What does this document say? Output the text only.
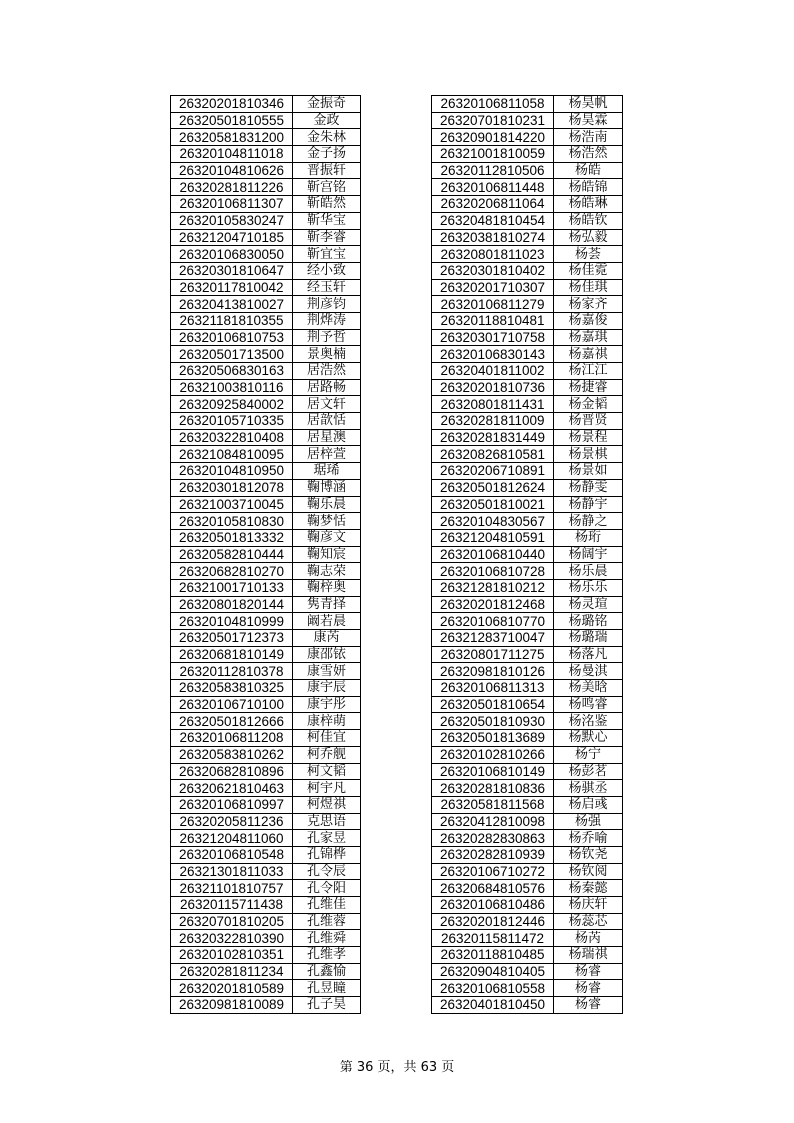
26320201810346	金振奇
26320501810555	金政
26320581831200	金朱林
26320104811018	金子扬
26320104810626	晋振轩
26320281811226	靳宫铭
26320106811307	靳皓然
26320105830247	靳华宝
26321204710185	靳李睿
26320106830050	靳宜宝
26320301810647	经小致
26320117810042	经玉轩
26320413810027	荆彦钧
26321181810355	荆烨涛
26320106810753	荆予哲
26320501713500	景奥楠
26320506830163	居浩然
26321003810116	居路畅
26320925840002	居文轩
26320105710335	居歆恬
26320322810408	居星澳
26321084810095	居梓萱
26320104810950	琚琋
26320301812078	鞠博涵
26321003710045	鞠乐晨
26320105810830	鞠梦恬
26320501813332	鞠彦文
26320582810444	鞠知宸
26320682810270	鞠志荣
26321001710133	鞠梓奥
26320801820144	隽青择
26320104810999	阚若晨
26320501712373	康芮
26320681810149	康邵铱
26320112810378	康雪妍
26320583810325	康宇辰
26320106710100	康宇彤
26320501812666	康梓萌
26320106811208	柯佳宜
26320583810262	柯乔舰
26320682810896	柯文韬
26320621810463	柯宇凡
26320106810997	柯煜祺
26320205811236	克思语
26321204811060	孔家昱
26320106810548	孔锦桦
26321301811033	孔令辰
26321101810757	孔令阳
26320115711438	孔维佳
26320701810205	孔维蓉
26320322810390	孔维舜
26320102810351	孔维孝
26320281811234	孔鑫愉
26320201810589	孔昱瞳
26320981810089	孔子昊
26320106811058	杨昊帆
26320701810231	杨昊霖
26320901814220	杨浩南
26321001810059	杨浩然
26320112810506	杨皓
26320106811448	杨皓锦
26320206811064	杨皓琳
26320481810454	杨皓钦
26320381810274	杨弘毅
26320801811023	杨荟
26320301810402	杨佳霓
26320201710307	杨佳琪
26320106811279	杨家齐
26320118810481	杨嘉俊
26320301710758	杨嘉琪
26320106830143	杨嘉祺
26320401811002	杨江江
26320201810736	杨捷睿
26320801811431	杨金韬
26320281811009	杨晋贤
26320281831449	杨景程
26320826810581	杨景棋
26320206710891	杨景如
26320501812624	杨静雯
26320501810021	杨静宇
26320104830567	杨静之
26321204810591	杨珩
26320106810440	杨阔宇
26320106810728	杨乐晨
26321281810212	杨乐乐
26320201812468	杨灵瑄
26320106810770	杨璐铭
26321283710047	杨璐瑞
26320801711275	杨落凡
26320981810126	杨曼淇
26320106811313	杨美晗
26320501810654	杨鸣睿
26320501810930	杨洺鉴
26320501813689	杨默心
26320102810266	杨宁
26320106810149	杨彭茗
26320281810836	杨骐丞
26320581811568	杨启彧
26320412810098	杨强
26320282830863	杨乔喻
26320282810939	杨钦尧
26320106710272	杨钦阅
26320684810576	杨秦懿
26320106810486	杨庆轩
26320201812446	杨蕊芯
26320115811472	杨芮
26320118810485	杨瑞祺
26320904810405	杨睿
26320106810558	杨睿
26320401810450	杨睿
第 36 页，共 63 页
